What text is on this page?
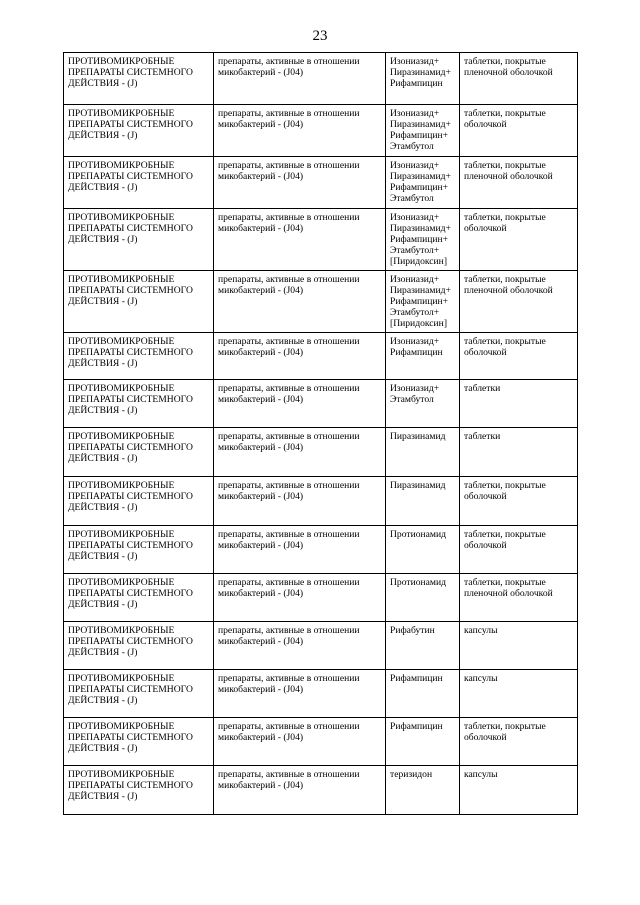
23
ПРОТИВОМИКРОБНЫЕ ПРЕПАРАТЫ СИСТЕМНОГО ДЕЙСТВИЯ - (J)	препараты, активные в отношении микобактерий - (J04)	Изониазид+
Пиразинамид+
Рифампицин	таблетки, покрытые
пленочной оболочкой
ПРОТИВОМИКРОБНЫЕ ПРЕПАРАТЫ СИСТЕМНОГО ДЕЙСТВИЯ - (J)	препараты, активные в отношении микобактерий - (J04)	Изониазид+
Пиразинамид+
Рифампицин+
Этамбутол	таблетки, покрытые
оболочкой
ПРОТИВОМИКРОБНЫЕ ПРЕПАРАТЫ СИСТЕМНОГО ДЕЙСТВИЯ - (J)	препараты, активные в отношении микобактерий - (J04)	Изониазид+
Пиразинамид+
Рифампицин+
Этамбутол	таблетки, покрытые
пленочной оболочкой
ПРОТИВОМИКРОБНЫЕ ПРЕПАРАТЫ СИСТЕМНОГО ДЕЙСТВИЯ - (J)	препараты, активные в отношении микобактерий - (J04)	Изониазид+
Пиразинамид+
Рифампицин+
Этамбутол+
[Пиридоксин]	таблетки, покрытые
оболочкой
ПРОТИВОМИКРОБНЫЕ ПРЕПАРАТЫ СИСТЕМНОГО ДЕЙСТВИЯ - (J)	препараты, активные в отношении микобактерий - (J04)	Изониазид+
Пиразинамид+
Рифампицин+
Этамбутол+
[Пиридоксин]	таблетки, покрытые
пленочной оболочкой
ПРОТИВОМИКРОБНЫЕ ПРЕПАРАТЫ СИСТЕМНОГО ДЕЙСТВИЯ - (J)	препараты, активные в отношении микобактерий - (J04)	Изониазид+
Рифампицин	таблетки, покрытые
оболочкой
ПРОТИВОМИКРОБНЫЕ ПРЕПАРАТЫ СИСТЕМНОГО ДЕЙСТВИЯ - (J)	препараты, активные в отношении микобактерий - (J04)	Изониазид+
Этамбутол	таблетки
ПРОТИВОМИКРОБНЫЕ ПРЕПАРАТЫ СИСТЕМНОГО ДЕЙСТВИЯ - (J)	препараты, активные в отношении микобактерий - (J04)	Пиразинамид	таблетки
ПРОТИВОМИКРОБНЫЕ ПРЕПАРАТЫ СИСТЕМНОГО ДЕЙСТВИЯ - (J)	препараты, активные в отношении микобактерий - (J04)	Пиразинамид	таблетки, покрытые
оболочкой
ПРОТИВОМИКРОБНЫЕ ПРЕПАРАТЫ СИСТЕМНОГО ДЕЙСТВИЯ - (J)	препараты, активные в отношении микобактерий - (J04)	Протионамид	таблетки, покрытые
оболочкой
ПРОТИВОМИКРОБНЫЕ ПРЕПАРАТЫ СИСТЕМНОГО ДЕЙСТВИЯ - (J)	препараты, активные в отношении микобактерий - (J04)	Протионамид	таблетки, покрытые
пленочной оболочкой
ПРОТИВОМИКРОБНЫЕ ПРЕПАРАТЫ СИСТЕМНОГО ДЕЙСТВИЯ - (J)	препараты, активные в отношении микобактерий - (J04)	Рифабутин	капсулы
ПРОТИВОМИКРОБНЫЕ ПРЕПАРАТЫ СИСТЕМНОГО ДЕЙСТВИЯ - (J)	препараты, активные в отношении микобактерий - (J04)	Рифампицин	капсулы
ПРОТИВОМИКРОБНЫЕ ПРЕПАРАТЫ СИСТЕМНОГО ДЕЙСТВИЯ - (J)	препараты, активные в отношении микобактерий - (J04)	Рифампицин	таблетки, покрытые
оболочкой
ПРОТИВОМИКРОБНЫЕ ПРЕПАРАТЫ СИСТЕМНОГО ДЕЙСТВИЯ - (J)	препараты, активные в отношении микобактерий - (J04)	теризидон	капсулы
